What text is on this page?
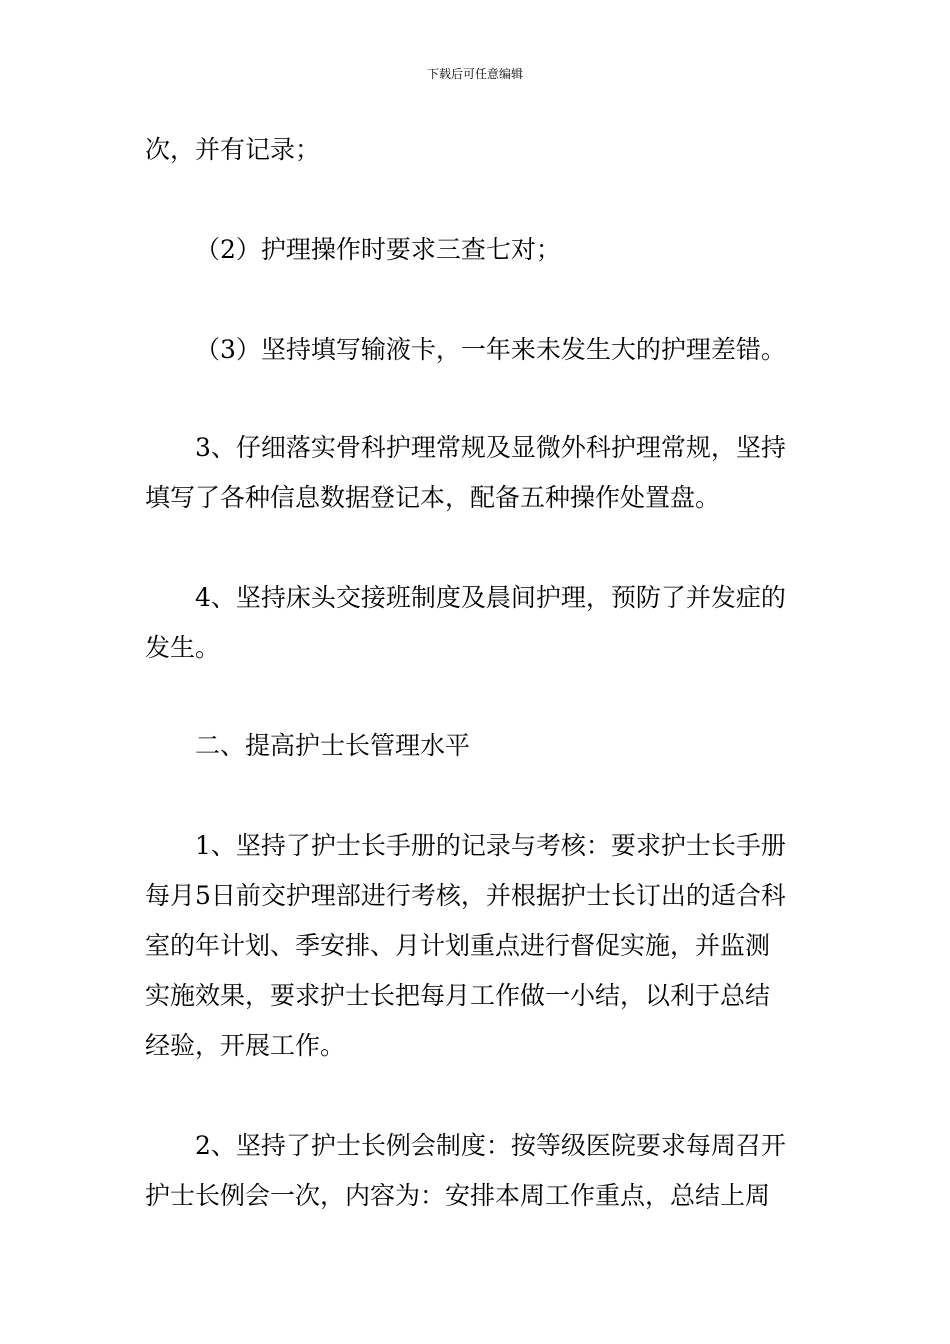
下载后可任意编辑
次，并有记录；
（2）护理操作时要求三查七对；
（3）坚持填写输液卡，一年来未发生大的护理差错。
3、仔细落实骨科护理常规及显微外科护理常规，坚持
填写了各种信息数据登记本，配备五种操作处置盘。
4、坚持床头交接班制度及晨间护理，预防了并发症的
发生。
二、提高护士长管理水平
1、坚持了护士长手册的记录与考核：要求护士长手册
每月5日前交护理部进行考核，并根据护士长订出的适合科
室的年计划、季安排、月计划重点进行督促实施，并监测
实施效果，要求护士长把每月工作做一小结，以利于总结
经验，开展工作。
2、坚持了护士长例会制度：按等级医院要求每周召开
护士长例会一次，内容为：安排本周工作重点，总结上周
